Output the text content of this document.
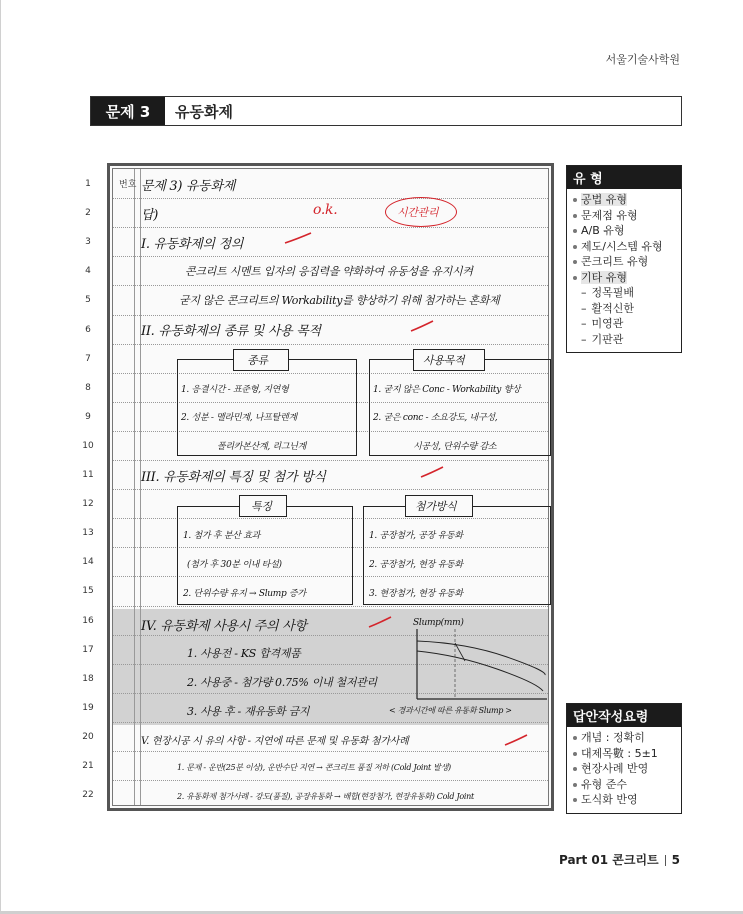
서울기술사학원
문제 3	유동화제
1
2
3
4
5
6
7
8
9
10
11
12
13
14
15
16
17
18
19
20
21
22
번호 문제 3) 유동화제
답)	o.k.	시간관리
I. 유동화제의 정의
콘크리트 시멘트 입자의 응집력을 약화하여 유동성을 유지시켜
굳지 않은 콘크리트의 Workability를 향상하기 위해 첨가하는 혼화제
II. 유동화제의 종류 및 사용 목적
종류	사용목적
1. 응결시간 - 표준형, 지연형	1. 굳지 않은 Conc - Workability 향상
2. 성분 - 멜라민계, 나프탈렌계	2. 굳은 conc - 소요강도, 내구성,
폴리카본산계, 리그닌계	시공성, 단위수량 감소
III. 유동화제의 특징 및 첨가 방식
특징	첨가방식
1. 첨가 후 분산 효과	1. 공장첨가, 공장 유동화
(첨가 후 30분 이내 타설)	2. 공장첨가, 현장 유동화
2. 단위수량 유지 → Slump 증가	3. 현장첨가, 현장 유동화
IV. 유동화제 사용시 주의 사항
1. 사용전 - KS 합격제품
2. 사용중 - 첨가량 0.75% 이내 철저관리
3. 사용 후 - 재유동화 금지
Slump(mm)
< 경과시간에 따른 유동화 Slump >
V. 현장시공 시 유의 사항 - 지연에 따른 문제 및 유동화 첨가사례
1. 문제 - 운반(25분 이상), 운반수단 지연 → 콘크리트 품질 저하 (Cold Joint 발생)
2. 유동화제 첨가사례 - 강도(품질), 공장유동화 → 배합(현장첨가, 현장유동화) Cold Joint
유 형
공법 유형
문제점 유형
A/B 유형
제도/시스템 유형
콘크리트 유형
기타 유형
– 정목필배
– 활적신한
– 미영관
– 기판관
답안작성요령
개념 : 정확히
대제목數 : 5±1
현장사례 반영
유형 준수
도식화 반영
Part 01 콘크리트 5
